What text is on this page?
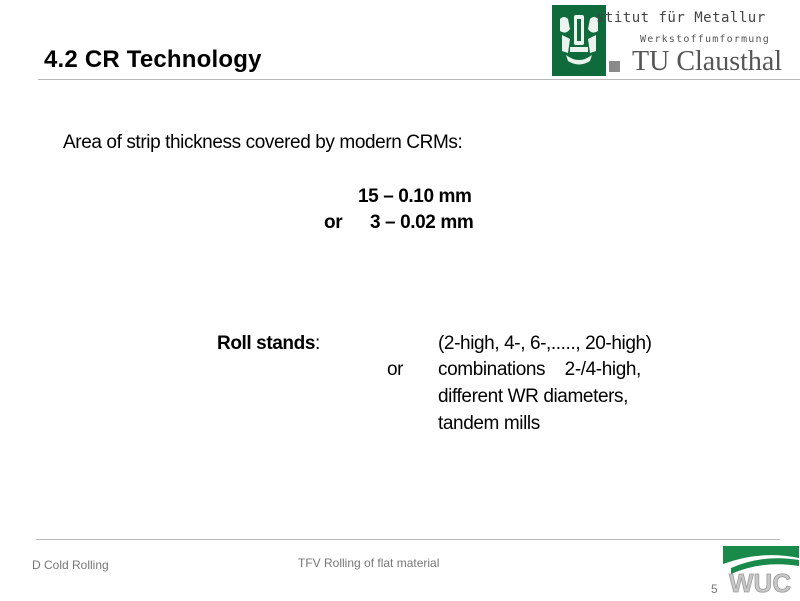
4.2 CR Technology
stitut für Metallur
Werkstoffumformung
TU Clausthal
Area of strip thickness covered by modern CRMs:
15 – 0.10 mm
or 3 – 0.02 mm
Roll stands:	(2-high, 4-, 6-,....., 20-high)
or combinations    2-/4-high,
different WR diameters,
tandem mills
D Cold Rolling	TFV Rolling of flat material
5 WUC
